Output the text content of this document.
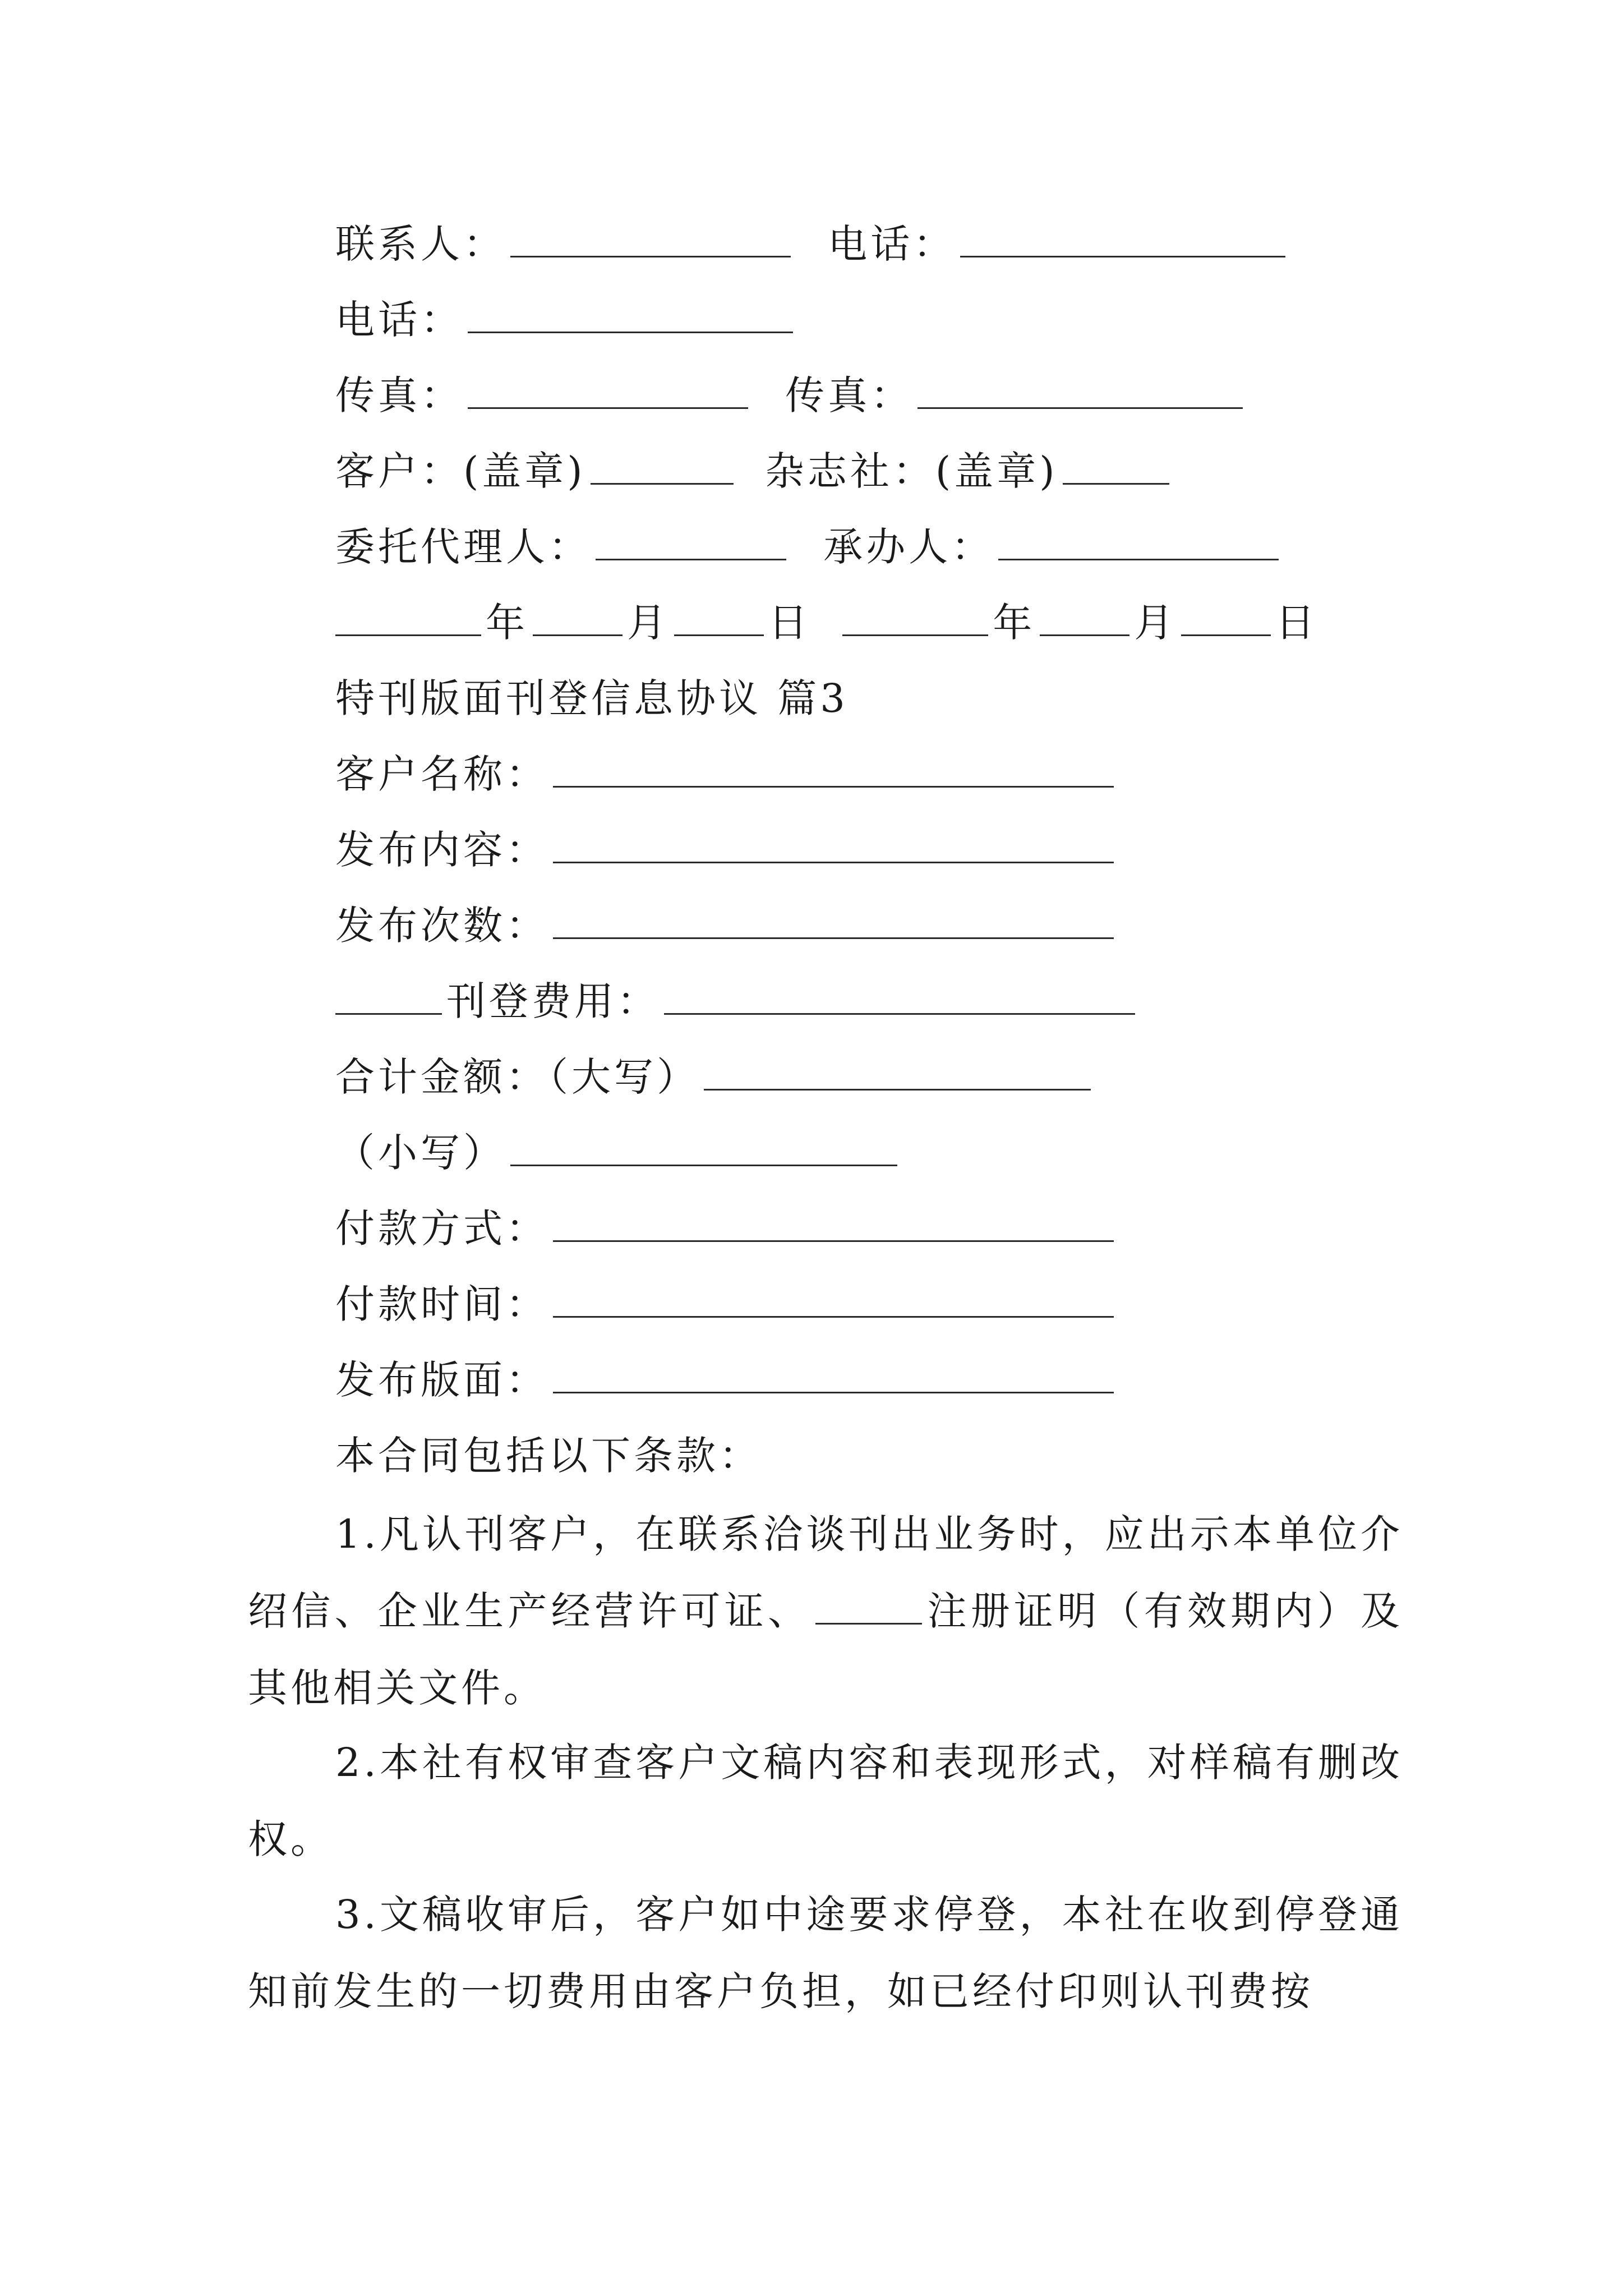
联系人：	电话：
电话：
传真：	传真：
客户：(盖章)	杂志社：(盖章)
委托代理人：	承办人：
年	月	日	年	月	日
特刊版面刊登信息协议 篇3
客户名称：
发布内容：
发布次数：
刊登费用：
合计金额：（大写）
（小写）
付款方式：
付款时间：
发布版面：
本合同包括以下条款：
1.凡认刊客户，在联系洽谈刊出业务时，应出示本单位介绍信、企业生产经营许可证、	注册证明（有效期内）及其他相关文件。
2.本社有权审查客户文稿内容和表现形式，对样稿有删改权。
3.文稿收审后，客户如中途要求停登，本社在收到停登通知前发生的一切费用由客户负担，如已经付印则认刊费按
